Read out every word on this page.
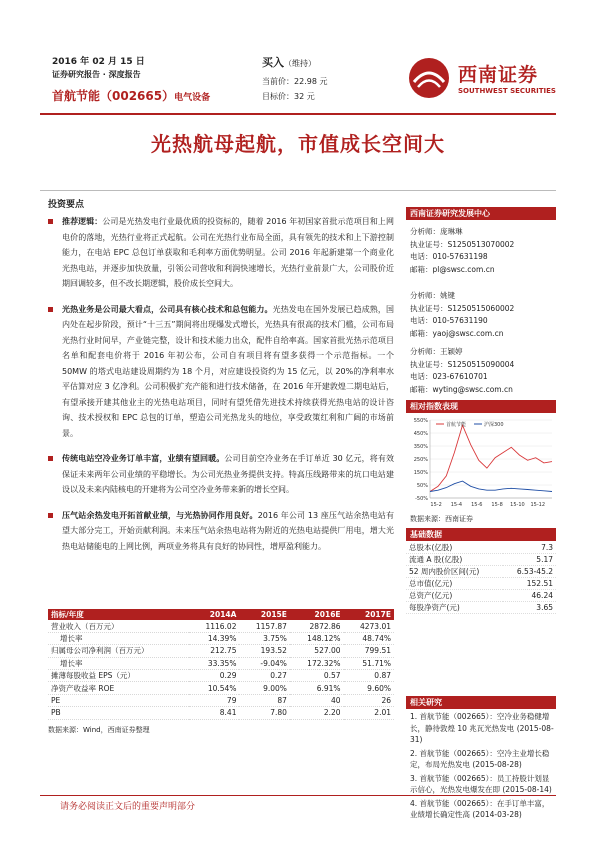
2016 年 02 月 15 日
证券研究报告 · 深度报告
首航节能（002665）电气设备
买入（维持）
当前价：22.98 元
目标价：32 元
西南证券
SOUTHWEST SECURITIES
光热航母起航，市值成长空间大
投资要点
推荐逻辑：公司是光热发电行业最优质的投资标的，随着 2016 年初国家首批示范项目和上网电价的落地，光热行业将正式起航。公司在光热行业布局全面，具有领先的技术和上下游控制能力，在电站 EPC 总包订单获取和毛利率方面优势明显。公司 2016 年起新建第一个商业化光热电站，并逐步加快放量，引领公司营收和利润快速增长，光热行业前景广大，公司股价近期回调较多，但不改长期逻辑，股价成长空间大。
光热业务是公司最大看点，公司具有核心技术和总包能力。光热发电在国外发展已趋成熟，国内处在起步阶段，预计“十三五”期间将出现爆发式增长，光热具有很高的技术门槛，公司布局光热行业时间早，产业链完整，设计和技术能力出众，配件自给率高。国家首批光热示范项目名单和配套电价将于 2016 年初公布，公司自有项目将有望多获得一个示范指标。一个 50MW 的塔式电站建设周期约为 18 个月，对应建设投资约为 15 亿元，以 20%的净利率水平估算对应 3 亿净利。公司积极扩充产能和进行技术储备，在 2016 年开建敦煌二期电站后，有望承接开建其他业主的光热电站项目，同时有望凭借先进技术持续获得光热电站的设计咨询、技术授权和 EPC 总包的订单，塑造公司光热龙头的地位，享受政策红利和广阔的市场前景。
传统电站空冷业务订单丰富，业绩有望回暖。公司目前空冷业务在手订单近 30 亿元，将有效保证未来两年公司业绩的平稳增长。为公司光热业务提供支持。特高压线路带来的坑口电站建设以及未来内陆核电的开建将为公司空冷业务带来新的增长空间。
压气站余热发电开拓首献业绩，与光热协同作用良好。2016 年公司 13 座压气站余热电站有望大部分完工，开始贡献利润。未来压气站余热电站将为附近的光热电站提供厂用电，增大光热电站储能电的上网比例，两项业务将具有良好的协同性，增厚盈利能力。
指标/年度	2014A	2015E	2016E	2017E
营业收入（百万元）	1116.02	1157.87	2872.86	4273.01
增长率	14.39%	3.75%	148.12%	48.74%
归属母公司净利润（百万元）	212.75	193.52	527.00	799.51
增长率	33.35%	-9.04%	172.32%	51.71%
摊薄每股收益 EPS（元）	0.29	0.27	0.57	0.87
净资产收益率 ROE	10.54%	9.00%	6.91%	9.60%
PE	79	87	40	26
PB	8.41	7.80	2.20	2.01
数据来源：Wind，西南证券整理
西南证券研究发展中心
分析师：庞琳琳
执业证号：S1250513070002
电话：010-57631198
邮箱：pl@swsc.com.cn
分析师：姚键
执业证号：S1250515060002
电话：010-57631190
邮箱：yaoj@swsc.com.cn
分析师：王颖婷
执业证号：S1250515090004
电话：023-67610701
邮箱：wyting@swsc.com.cn
相对指数表现
-50%
50%
150%
250%
350%
450%
550%
15-2 15-4 15-6 15-8 15-10 15-12
首航节能	沪深300
数据来源：西南证券
基础数据
总股本(亿股)	7.3
流通 A 股(亿股)	5.17
52 周内股价区间(元)	6.53-45.2
总市值(亿元)	152.51
总资产(亿元)	46.24
每股净资产(元)	3.65
相关研究
1. 首航节能（002665）：空冷业务稳健增长，静待敦煌 10 兆瓦光热发电 (2015-08-31)
2. 首航节能（002665）：空冷主业增长稳定，布局光热发电 (2015-08-28)
3. 首航节能（002665）：员工持股计划显示信心，光热发电爆发在即 (2015-08-14)
4. 首航节能（002665）：在手订单丰富，业绩增长确定性高 (2014-03-28)
请务必阅读正文后的重要声明部分
